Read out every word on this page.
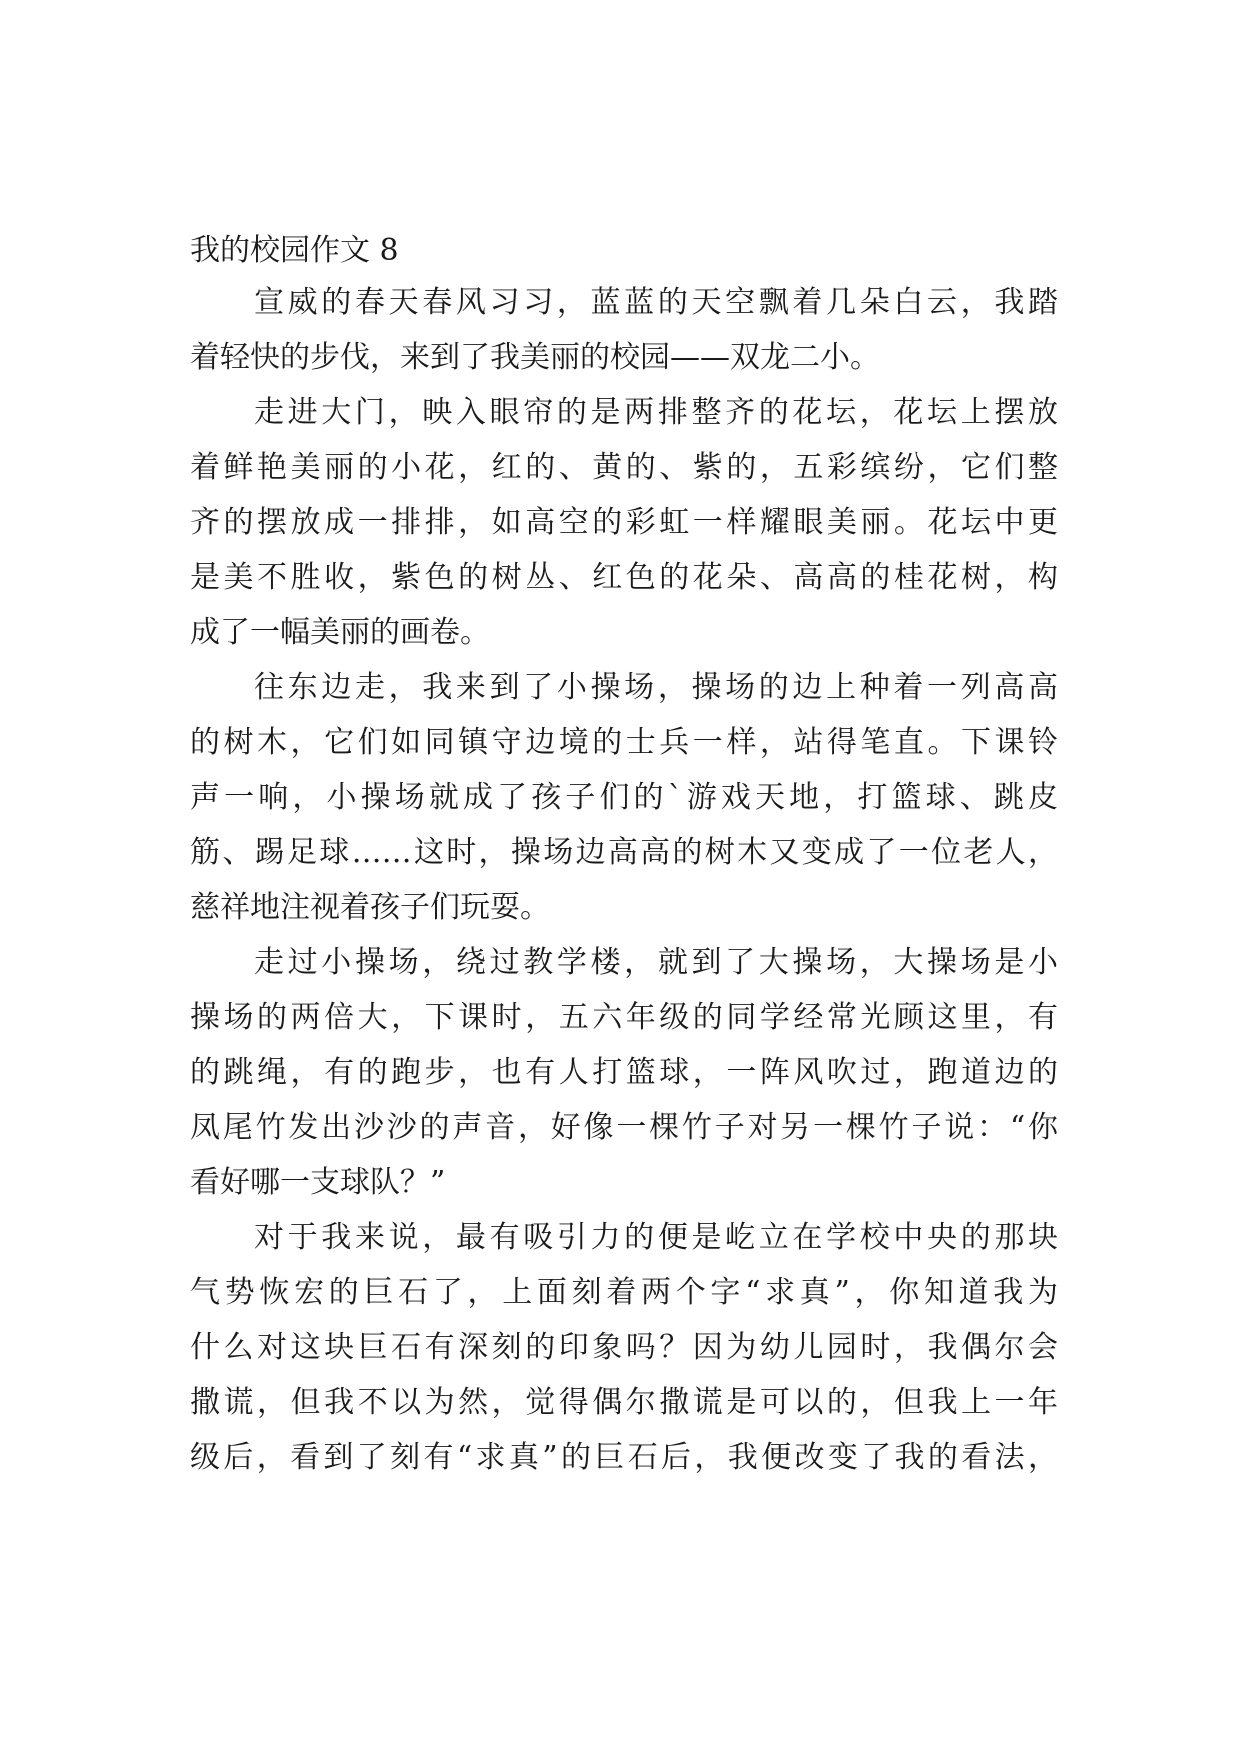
我的校园作文 8
宣威的春天春风习习，蓝蓝的天空飘着几朵白云，我踏
着轻快的步伐，来到了我美丽的校园——双龙二小。
走进大门，映入眼帘的是两排整齐的花坛，花坛上摆放
着鲜艳美丽的小花，红的、黄的、紫的，五彩缤纷，它们整
齐的摆放成一排排，如高空的彩虹一样耀眼美丽。花坛中更
是美不胜收，紫色的树丛、红色的花朵、高高的桂花树，构
成了一幅美丽的画卷。
往东边走，我来到了小操场，操场的边上种着一列高高
的树木，它们如同镇守边境的士兵一样，站得笔直。下课铃
声一响，小操场就成了孩子们的`游戏天地，打篮球、跳皮
筋、踢足球……这时，操场边高高的树木又变成了一位老人，
慈祥地注视着孩子们玩耍。
走过小操场，绕过教学楼，就到了大操场，大操场是小
操场的两倍大，下课时，五六年级的同学经常光顾这里，有
的跳绳，有的跑步，也有人打篮球，一阵风吹过，跑道边的
凤尾竹发出沙沙的声音，好像一棵竹子对另一棵竹子说：“你
看好哪一支球队？”
对于我来说，最有吸引力的便是屹立在学校中央的那块
气势恢宏的巨石了，上面刻着两个字“求真”，你知道我为
什么对这块巨石有深刻的印象吗？因为幼儿园时，我偶尔会
撒谎，但我不以为然，觉得偶尔撒谎是可以的，但我上一年
级后，看到了刻有“求真”的巨石后，我便改变了我的看法，
